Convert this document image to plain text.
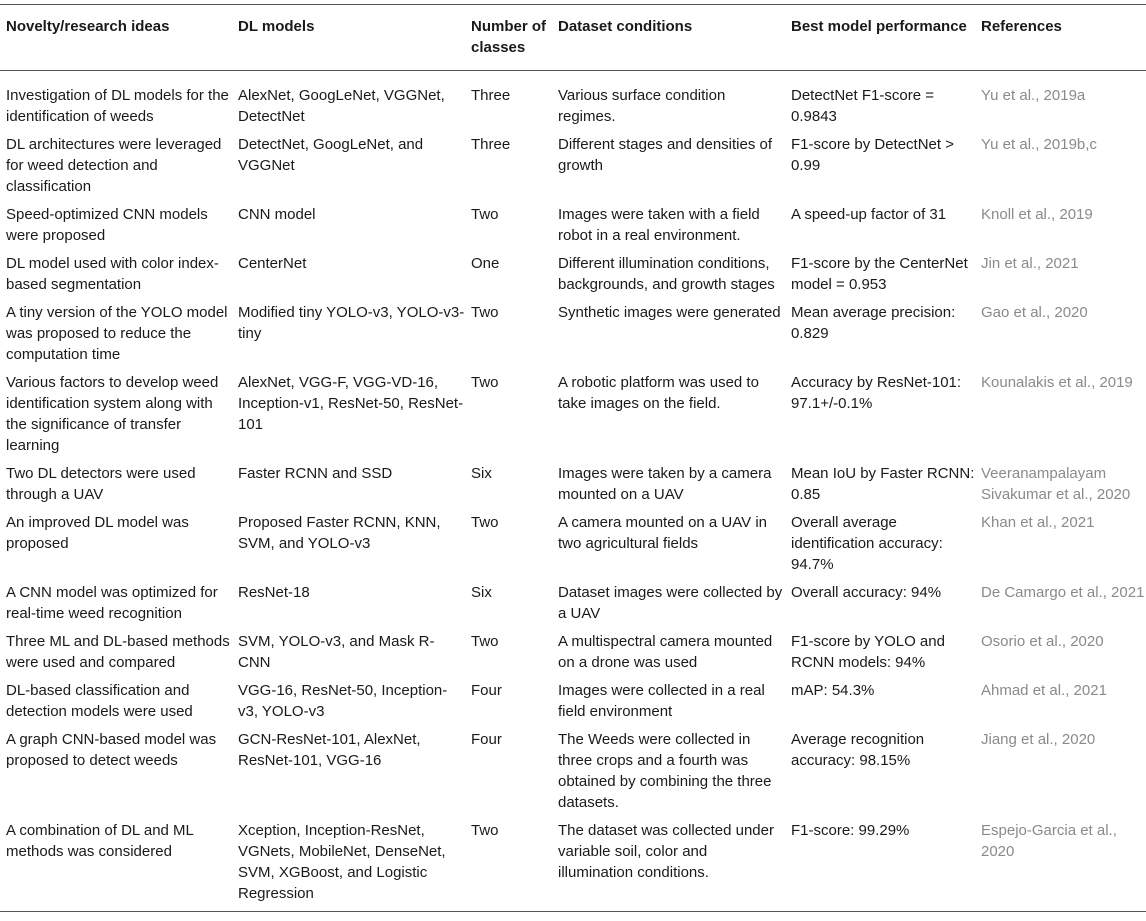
Novelty/research ideas	DL models	Number of classes	Dataset conditions	Best model performance	References
Investigation of DL models for the identification of weeds	AlexNet, GoogLeNet, VGGNet, DetectNet	Three	Various surface condition regimes.	DetectNet F1-score = 0.9843	Yu et al., 2019a
DL architectures were leveraged for weed detection and classification	DetectNet, GoogLeNet, and VGGNet	Three	Different stages and densities of growth	F1-score by DetectNet > 0.99	Yu et al., 2019b,c
Speed-optimized CNN models were proposed	CNN model	Two	Images were taken with a field robot in a real environment.	A speed-up factor of 31	Knoll et al., 2019
DL model used with color index-based segmentation	CenterNet	One	Different illumination conditions, backgrounds, and growth stages	F1-score by the CenterNet model = 0.953	Jin et al., 2021
A tiny version of the YOLO model was proposed to reduce the computation time	Modified tiny YOLO-v3, YOLO-v3-tiny	Two	Synthetic images were generated	Mean average precision: 0.829	Gao et al., 2020
Various factors to develop weed identification system along with the significance of transfer learning	AlexNet, VGG-F, VGG-VD-16, Inception-v1, ResNet-50, ResNet-101	Two	A robotic platform was used to take images on the field.	Accuracy by ResNet-101: 97.1+/-0.1%	Kounalakis et al., 2019
Two DL detectors were used through a UAV	Faster RCNN and SSD	Six	Images were taken by a camera mounted on a UAV	Mean IoU by Faster RCNN: 0.85	Veeranampalayam Sivakumar et al., 2020
An improved DL model was proposed	Proposed Faster RCNN, KNN, SVM, and YOLO-v3	Two	A camera mounted on a UAV in two agricultural fields	Overall average identification accuracy: 94.7%	Khan et al., 2021
A CNN model was optimized for real-time weed recognition	ResNet-18	Six	Dataset images were collected by a UAV	Overall accuracy: 94%	De Camargo et al., 2021
Three ML and DL-based methods were used and compared	SVM, YOLO-v3, and Mask R-CNN	Two	A multispectral camera mounted on a drone was used	F1-score by YOLO and RCNN models: 94%	Osorio et al., 2020
DL-based classification and detection models were used	VGG-16, ResNet-50, Inception-v3, YOLO-v3	Four	Images were collected in a real field environment	mAP: 54.3%	Ahmad et al., 2021
A graph CNN-based model was proposed to detect weeds	GCN-ResNet-101, AlexNet, ResNet-101, VGG-16	Four	The Weeds were collected in three crops and a fourth was obtained by combining the three datasets.	Average recognition accuracy: 98.15%	Jiang et al., 2020
A combination of DL and ML methods was considered	Xception, Inception-ResNet, VGNets, MobileNet, DenseNet, SVM, XGBoost, and Logistic Regression	Two	The dataset was collected under variable soil, color and illumination conditions.	F1-score: 99.29%	Espejo-Garcia et al., 2020
